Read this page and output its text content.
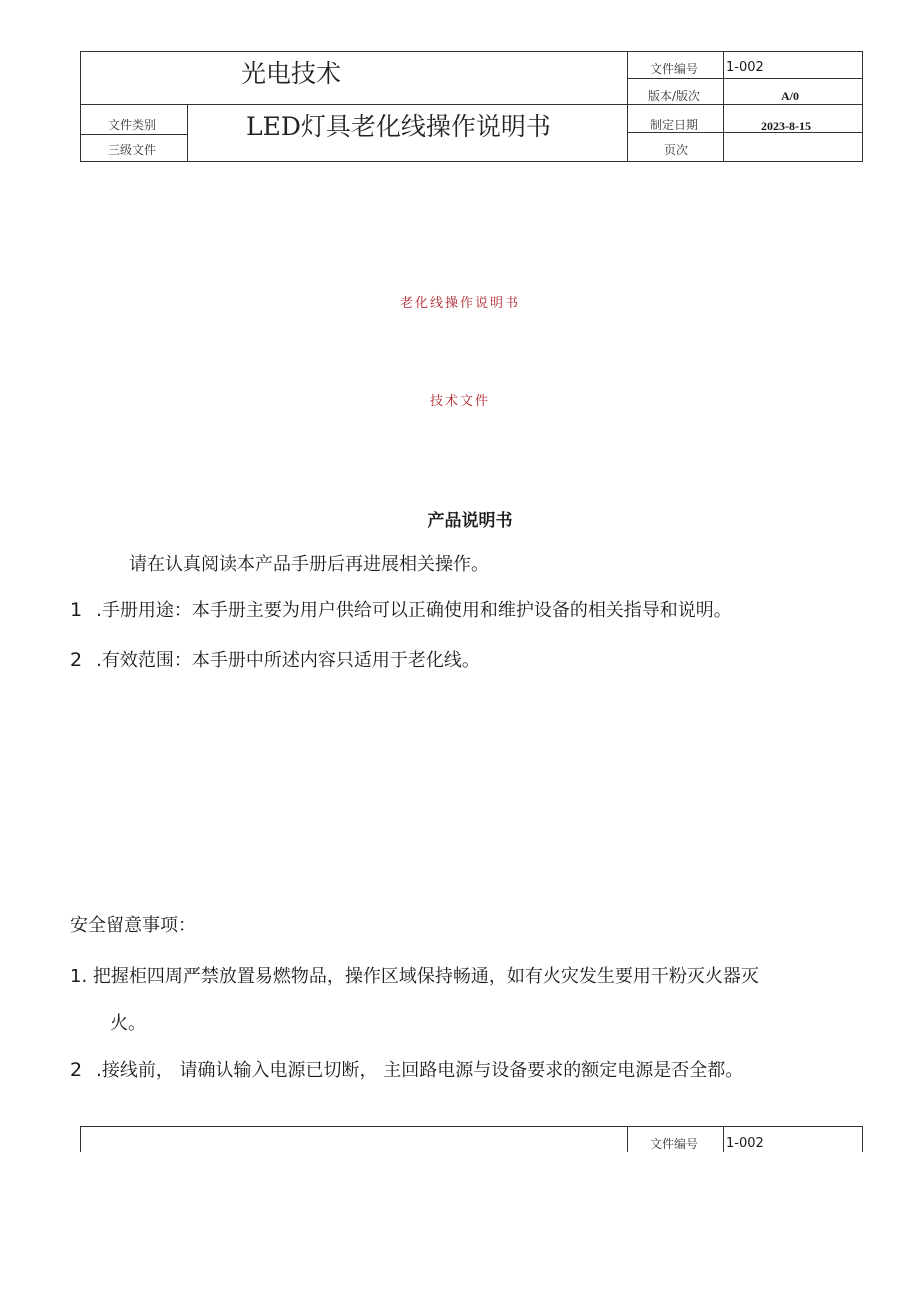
光电技术
文件类别
三级文件
LED灯具老化线操作说明书
文件编号 1-002
版本/版次	A/0
制定日期	2023-8-15
页次
老化线操作说明书
技术文件
产品说明书
请在认真阅读本产品手册后再进展相关操作。
1 .手册用途：本手册主要为用户供给可以正确使用和维护设备的相关指导和说明。
2 .有效范围：本手册中所述内容只适用于老化线。
安全留意事项：
1. 把握柜四周严禁放置易燃物品，操作区域保持畅通，如有火灾发生要用干粉灭火器灭
火。
2 .接线前， 请确认输入电源已切断， 主回路电源与设备要求的额定电源是否全都。
文件编号 1-002
